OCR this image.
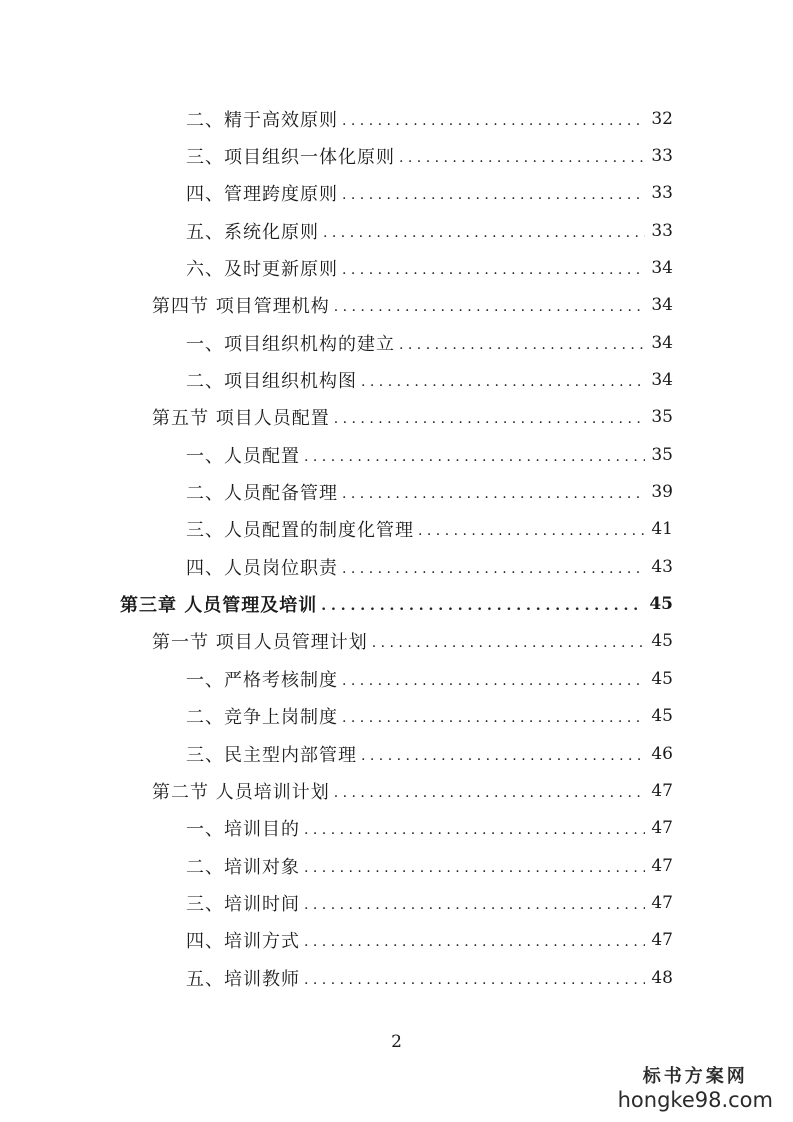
二、精于高效原则 . . .	32
三、项目组织一体化原则 . . .	33
四、管理跨度原则 . . .	33
五、系统化原则 . . .	33
六、及时更新原则 . . .	34
第四节 项目管理机构 . . .	34
一、项目组织机构的建立 . . .	34
二、项目组织机构图 . . .	34
第五节 项目人员配置 . . .	35
一、人员配置 . . .	35
二、人员配备管理 . . .	39
三、人员配置的制度化管理 . . .	41
四、人员岗位职责 . . .	43
第三章 人员管理及培训 . . .	45
第一节 项目人员管理计划 . . .	45
一、严格考核制度 . . .	45
二、竞争上岗制度 . . .	45
三、民主型内部管理 . . .	46
第二节 人员培训计划 . . .	47
一、培训目的 . . .	47
二、培训对象 . . .	47
三、培训时间 . . .	47
四、培训方式 . . .	47
五、培训教师 . . .	48
2
标书方案网
hongke98.com
